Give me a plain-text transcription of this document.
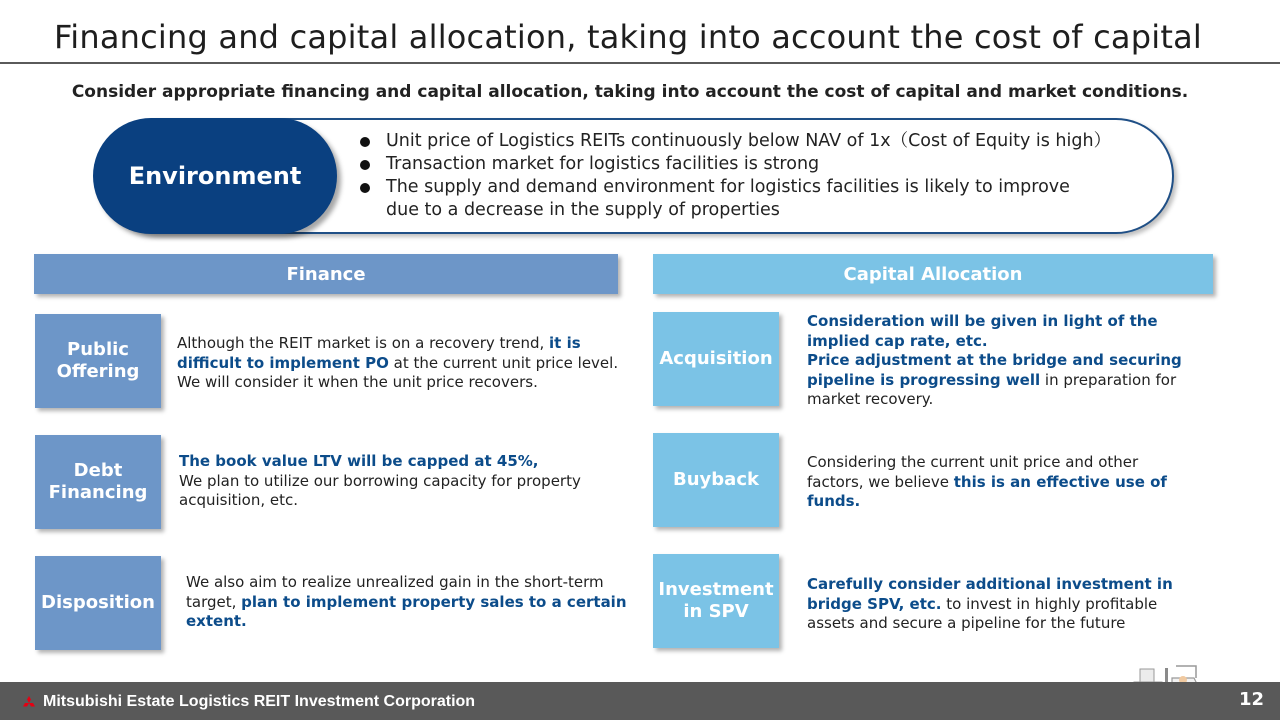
Financing and capital allocation, taking into account the cost of capital
Consider appropriate financing and capital allocation, taking into account the cost of capital and market conditions.
Environment
Unit price of Logistics REITs continuously below NAV of 1x（Cost of Equity is high）
Transaction market for logistics facilities is strong
The supply and demand environment for logistics facilities is likely to improve
due to a decrease in the supply of properties
Finance	Capital Allocation
Public
Offering
Although the REIT market is on a recovery trend, it is difficult to implement PO at the current unit price level. We will consider it when the unit price recovers.
Debt
Financing
The book value LTV will be capped at 45%,
We plan to utilize our borrowing capacity for property acquisition, etc.
Disposition
We also aim to realize unrealized gain in the short-term target, plan to implement property sales to a certain extent.
Acquisition
Consideration will be given in light of the implied cap rate, etc.
Price adjustment at the bridge and securing pipeline is progressing well in preparation for market recovery.
Buyback
Considering the current unit price and other factors, we believe this is an effective use of funds.
Investment
in SPV
Carefully consider additional investment in bridge SPV, etc. to invest in highly profitable assets and secure a pipeline for the future
Mitsubishi Estate Logistics REIT Investment Corporation	12
